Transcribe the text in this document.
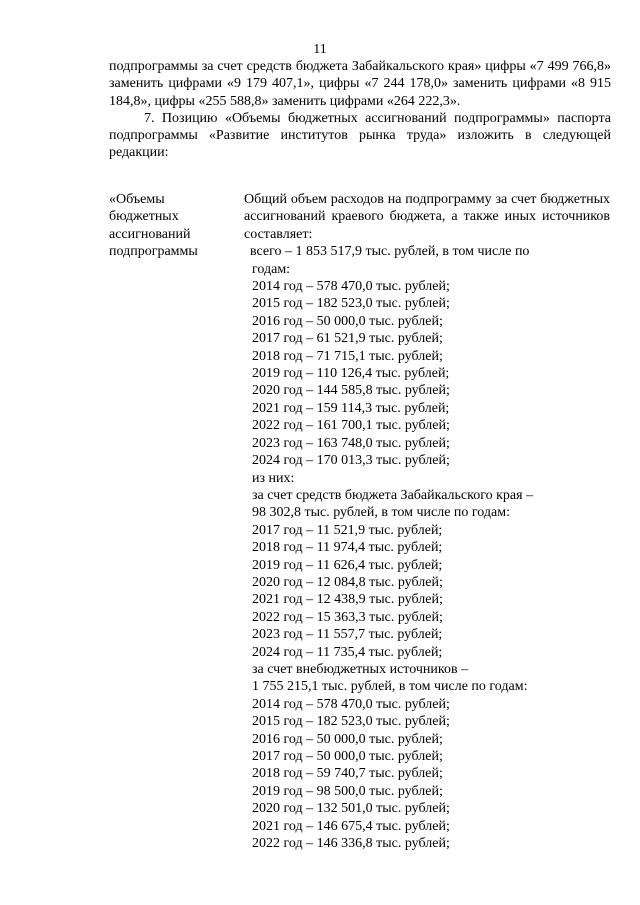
11

подпрограммы за счет средств бюджета Забайкальского края» цифры «7 499 766,8» заменить цифрами «9 179 407,1», цифры «7 244 178,0» заменить цифрами «8 915 184,8», цифры «255 588,8» заменить цифрами «264 222,3».

7. Позицию «Объемы бюджетных ассигнований подпрограммы» паспорта подпрограммы «Развитие институтов рынка труда» изложить в следующей редакции:

«Объемы
бюджетных
ассигнований
подпрограммы
Общий объем расходов на подпрограмму за счет бюджетных ассигнований краевого бюджета, а также иных источников составляет:
всего – 1 853 517,9 тыс. рублей, в том числе по
годам:
2014 год – 578 470,0 тыс. рублей;
2015 год – 182 523,0 тыс. рублей;
2016 год – 50 000,0 тыс. рублей;
2017 год – 61 521,9 тыс. рублей;
2018 год – 71 715,1 тыс. рублей;
2019 год – 110 126,4 тыс. рублей;
2020 год – 144 585,8 тыс. рублей;
2021 год – 159 114,3 тыс. рублей;
2022 год – 161 700,1 тыс. рублей;
2023 год – 163 748,0 тыс. рублей;
2024 год – 170 013,3 тыс. рублей;
из них:
за счет средств бюджета Забайкальского края –
98 302,8 тыс. рублей, в том числе по годам:
2017 год – 11 521,9 тыс. рублей;
2018 год – 11 974,4 тыс. рублей;
2019 год – 11 626,4 тыс. рублей;
2020 год – 12 084,8 тыс. рублей;
2021 год – 12 438,9 тыс. рублей;
2022 год – 15 363,3 тыс. рублей;
2023 год – 11 557,7 тыс. рублей;
2024 год – 11 735,4 тыс. рублей;
за счет внебюджетных источников –
1 755 215,1 тыс. рублей, в том числе по годам:
2014 год – 578 470,0 тыс. рублей;
2015 год – 182 523,0 тыс. рублей;
2016 год – 50 000,0 тыс. рублей;
2017 год – 50 000,0 тыс. рублей;
2018 год – 59 740,7 тыс. рублей;
2019 год – 98 500,0 тыс. рублей;
2020 год – 132 501,0 тыс. рублей;
2021 год – 146 675,4 тыс. рублей;
2022 год – 146 336,8 тыс. рублей;
